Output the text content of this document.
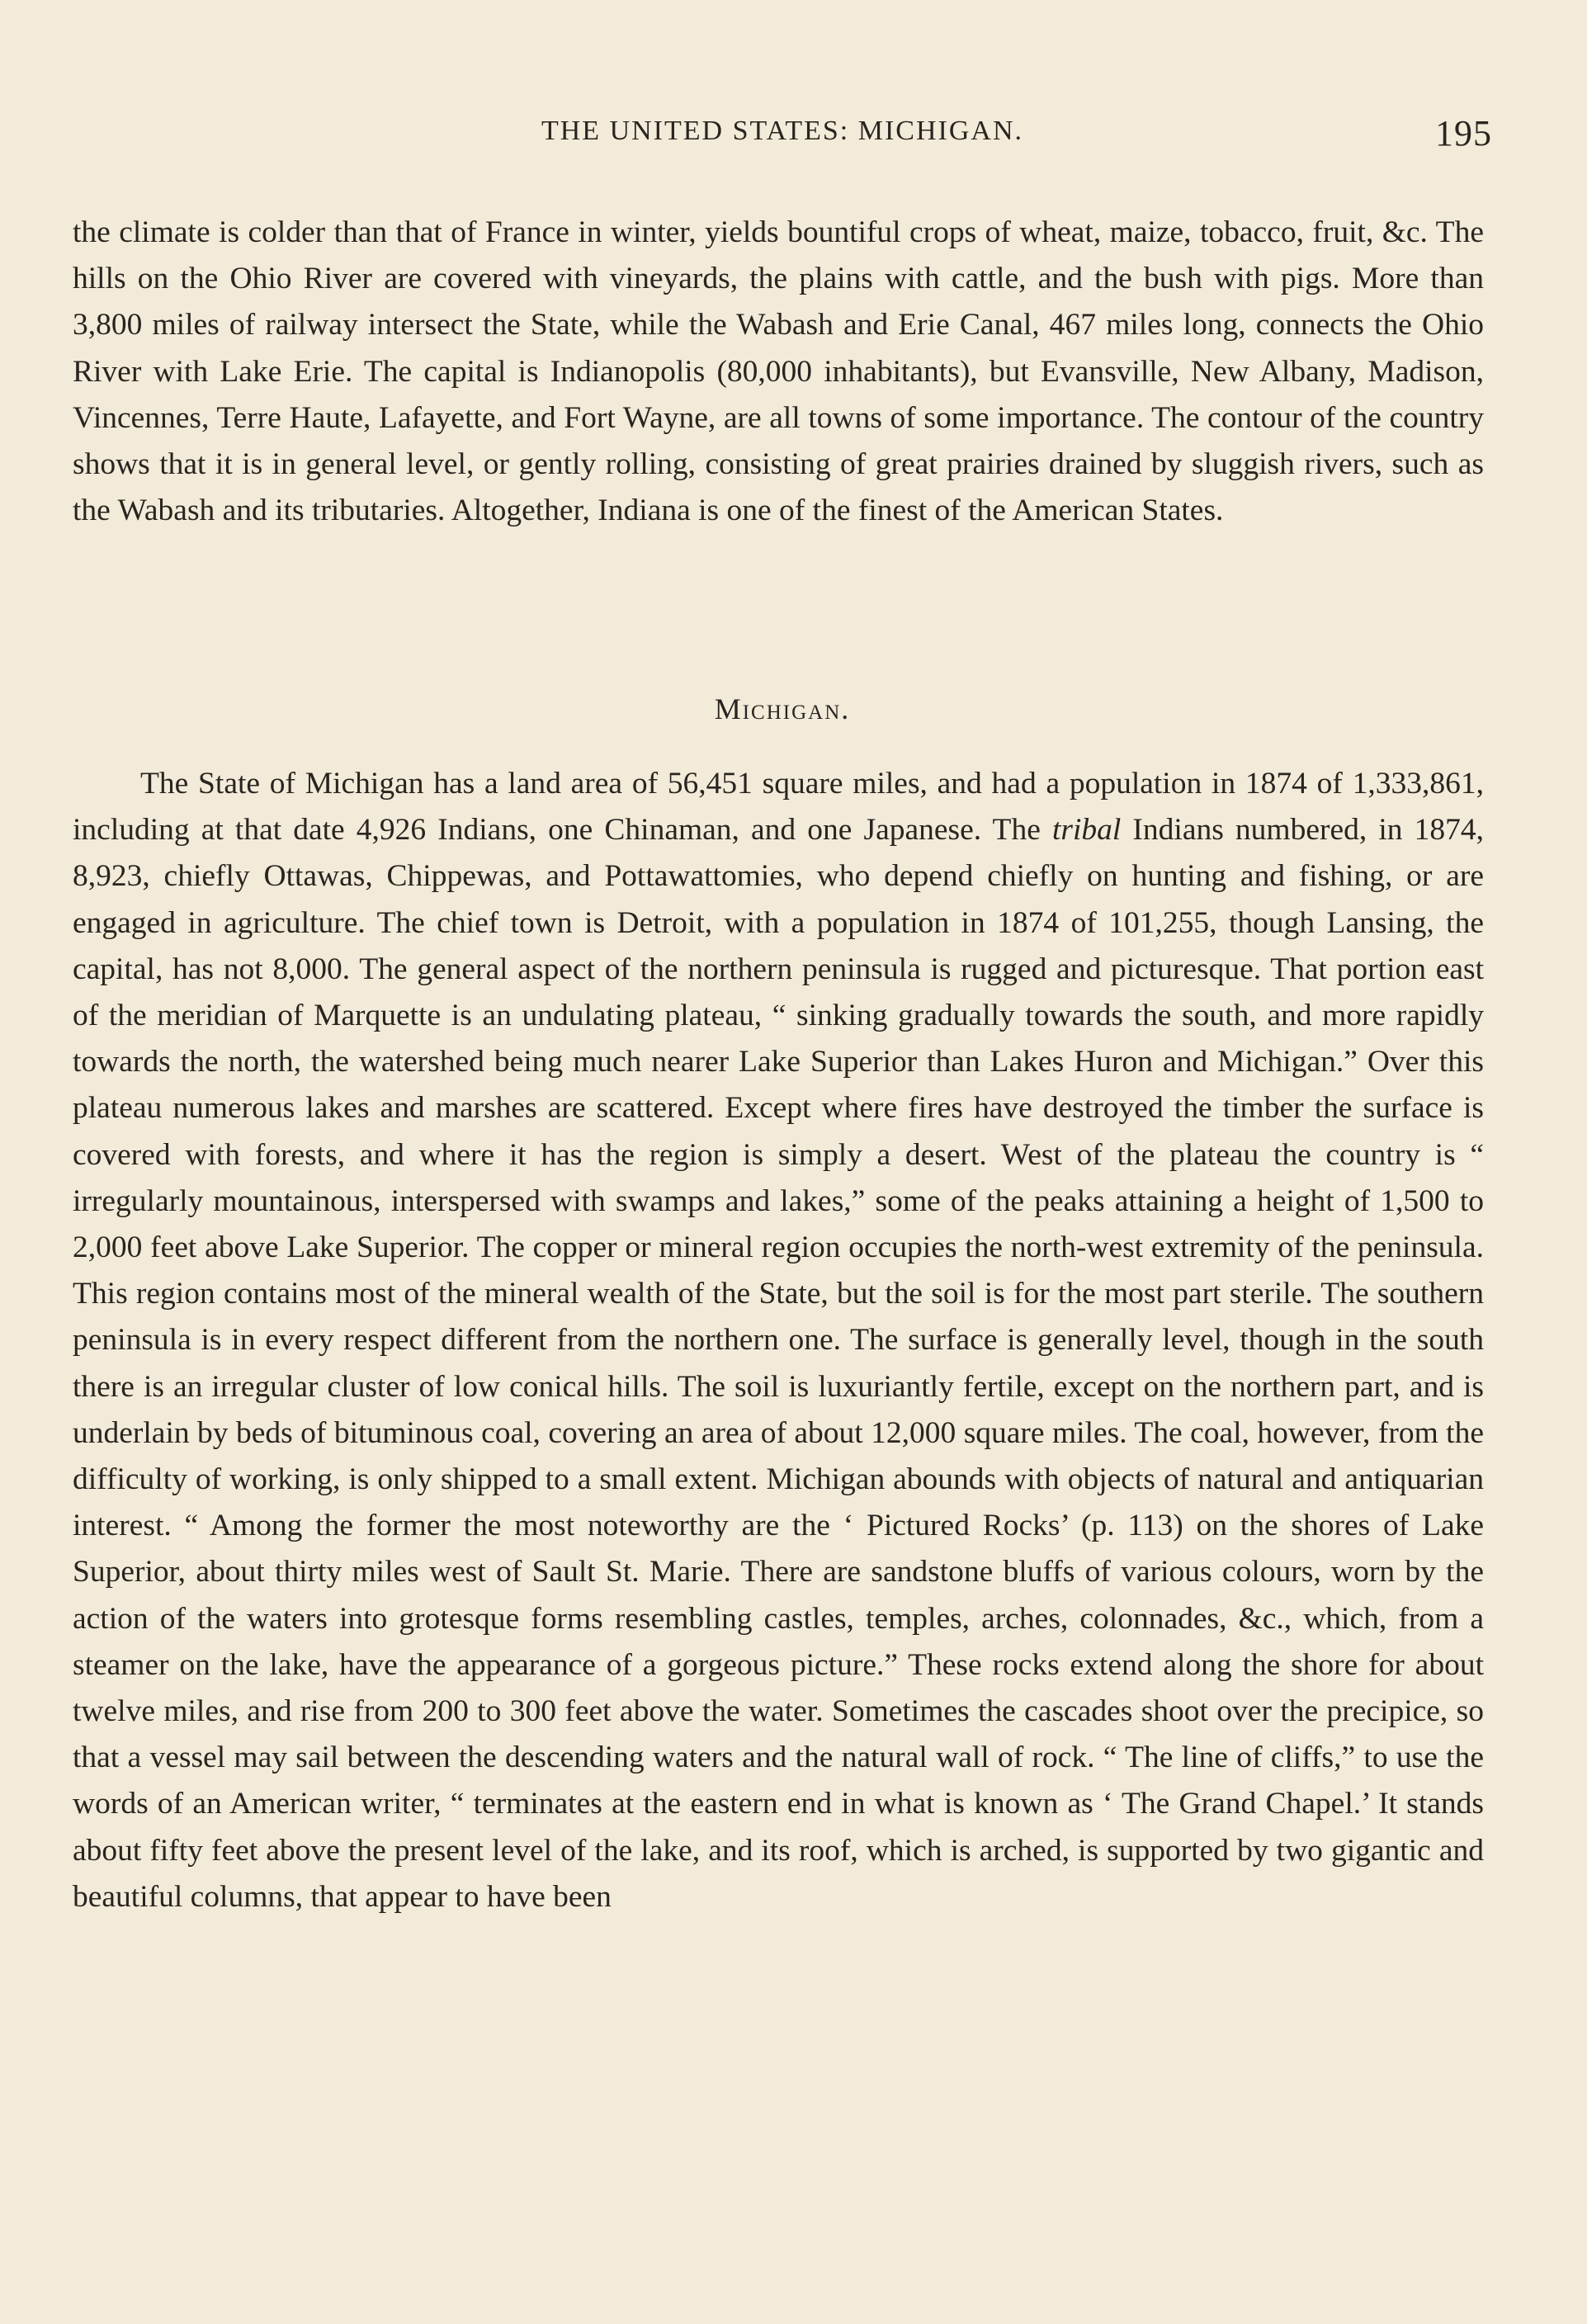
THE UNITED STATES: MICHIGAN.	195

the climate is colder than that of France in winter, yields bountiful crops of wheat, maize, tobacco, fruit, &c. The hills on the Ohio River are covered with vineyards, the plains with cattle, and the bush with pigs. More than 3,800 miles of railway intersect the State, while the Wabash and Erie Canal, 467 miles long, connects the Ohio River with Lake Erie. The capital is Indianopolis (80,000 inhabitants), but Evansville, New Albany, Madison, Vincennes, Terre Haute, Lafayette, and Fort Wayne, are all towns of some importance. The contour of the country shows that it is in general level, or gently rolling, consisting of great prairies drained by sluggish rivers, such as the Wabash and its tributaries. Altogether, Indiana is one of the finest of the American States.

Michigan.

The State of Michigan has a land area of 56,451 square miles, and had a population in 1874 of 1,333,861, including at that date 4,926 Indians, one Chinaman, and one Japanese. The tribal Indians numbered, in 1874, 8,923, chiefly Ottawas, Chippewas, and Pottawattomies, who depend chiefly on hunting and fishing, or are engaged in agriculture. The chief town is Detroit, with a population in 1874 of 101,255, though Lansing, the capital, has not 8,000. The general aspect of the northern peninsula is rugged and picturesque. That portion east of the meridian of Marquette is an undulating plateau, “ sinking gradually towards the south, and more rapidly towards the north, the watershed being much nearer Lake Superior than Lakes Huron and Michigan.” Over this plateau numerous lakes and marshes are scattered. Except where fires have destroyed the timber the surface is covered with forests, and where it has the region is simply a desert. West of the plateau the country is “ irregularly mountainous, interspersed with swamps and lakes,” some of the peaks attaining a height of 1,500 to 2,000 feet above Lake Superior. The copper or mineral region occupies the north-west extremity of the peninsula. This region contains most of the mineral wealth of the State, but the soil is for the most part sterile. The southern peninsula is in every respect different from the northern one. The surface is generally level, though in the south there is an irregular cluster of low conical hills. The soil is luxuriantly fertile, except on the northern part, and is underlain by beds of bituminous coal, covering an area of about 12,000 square miles. The coal, however, from the difficulty of working, is only shipped to a small extent. Michigan abounds with objects of natural and antiquarian interest. “ Among the former the most noteworthy are the ‘ Pictured Rocks’ (p. 113) on the shores of Lake Superior, about thirty miles west of Sault St. Marie. There are sandstone bluffs of various colours, worn by the action of the waters into grotesque forms resembling castles, temples, arches, colonnades, &c., which, from a steamer on the lake, have the appearance of a gorgeous picture.” These rocks extend along the shore for about twelve miles, and rise from 200 to 300 feet above the water. Sometimes the cascades shoot over the precipice, so that a vessel may sail between the descending waters and the natural wall of rock. “ The line of cliffs,” to use the words of an American writer, “ terminates at the eastern end in what is known as ‘ The Grand Chapel.’ It stands about fifty feet above the present level of the lake, and its roof, which is arched, is supported by two gigantic and beautiful columns, that appear to have been
